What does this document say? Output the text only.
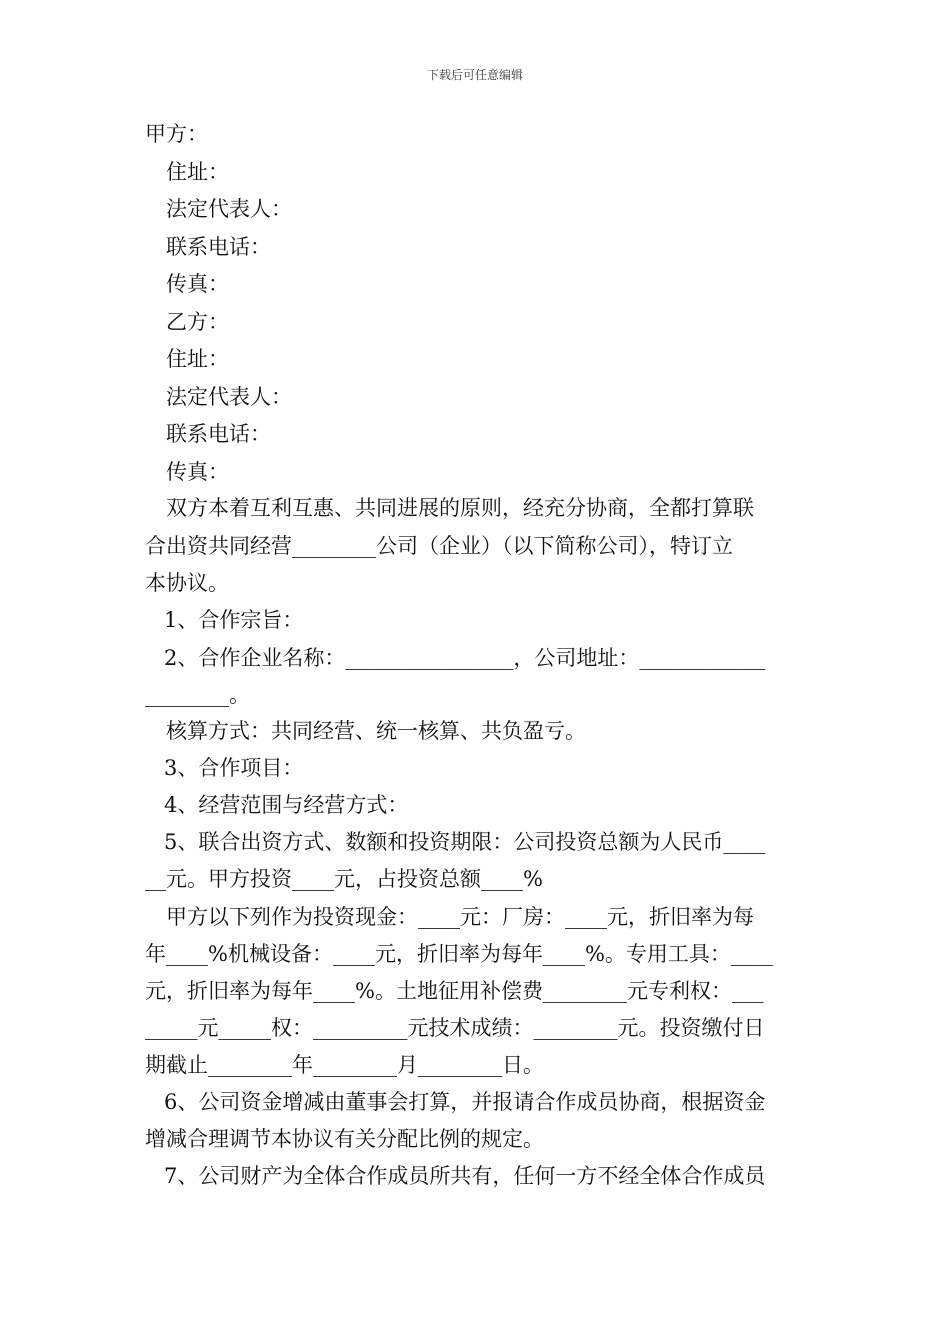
下载后可任意编辑
甲方：
住址：
法定代表人：
联系电话：
传真：
乙方：
住址：
法定代表人：
联系电话：
传真：
双方本着互利互惠、共同进展的原则，经充分协商，全都打算联
合出资共同经营________公司（企业）（以下简称公司），特订立
本协议。
1、合作宗旨：
2、合作企业名称：________________，公司地址：____________
________。
核算方式：共同经营、统一核算、共负盈亏。
3、合作项目：
4、经营范围与经营方式：
5、联合出资方式、数额和投资期限：公司投资总额为人民币____
__元。甲方投资____元，占投资总额____%
甲方以下列作为投资现金：____元：厂房：____元，折旧率为每
年____%机械设备：____元，折旧率为每年____%。专用工具：____
元，折旧率为每年____%。土地征用补偿费________元专利权：___
_____元_____权：_________元技术成绩：________元。投资缴付日
期截止________年________月________日。
6、公司资金增减由董事会打算，并报请合作成员协商，根据资金
增减合理调节本协议有关分配比例的规定。
7、公司财产为全体合作成员所共有，任何一方不经全体合作成员
